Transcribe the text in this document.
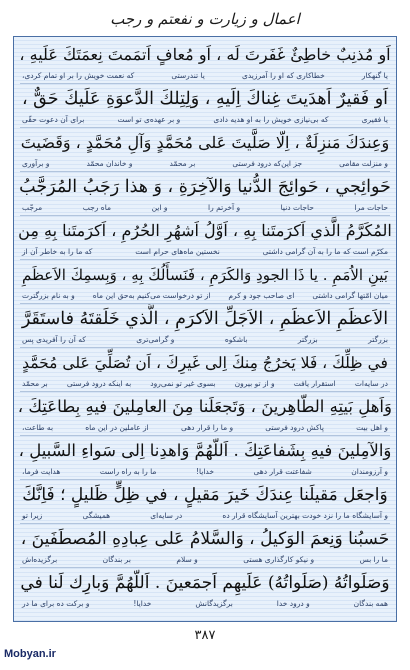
اعمال و زیارت و نفعتم و رجب
اَو مُذنِبٌ خاطِئٌ غَفَرتَ لَه ، اَو مُعافٍ اَتمَمتَ نِعمَتَكَ عَلَيهِ ،
یا گنهکار
خطاکاری که او را آمرزیدی
یا تندرستی
که نعمت خویش را بر او تمام کردی،
اَو فَقيرٌ اَهدَيتَ غِناكَ اِلَيهِ ، وَلِتِلكَ الدَّعوَةِ عَلَيكَ حَقٌّ ،
یا فقیری
که بی‌نیازی خویش را به او هدیه دادی
و بر عهده‌ی تو است
برای آن دعوت حقّی
وَعِندَكَ مَنزِلَةٌ ، اِلّا صَلَّيتَ عَلى مُحَمَّدٍ وَآلِ مُحَمَّدٍ ، وَقَضَيتَ
و منزلت مقامی
جز این‌که درود فرستی
بر محمّد
و خاندان محمّد
و برآوری
حَوائِجي ، حَوائِجَ الدُّنيا وَالآخِرَةِ ، وَ هذا رَجَبُ المُرَجَّبُ
حاجات مرا
حاجات دنیا
و آخرتم را
و این
ماه رجب
مرجّب
المُكَرَّمُ الَّذي اَكرَمتَنا بِهِ ، اَوَّلُ اَشهُرِ الحُرُمِ ، اَكرَمتَنا بِهِ مِن
مکرّم است که ما را به آن گرامی داشتی
نخستین ماه‌های حرام است
که ما را به خاطر آن از
بَينِ الاُمَمِ . يا ذَا الجودِ وَالكَرَمِ ، فَنَسأَلُكَ بِهِ ، وَبِسمِكَ الاَعظَمِ
میان امّتها گرامی داشتی
ای صاحب جود و کرم
از تو درخواست می‌کنیم به‌حق این ماه
و به نام بزرگترت
الاَعظَمِ الاَعظَمِ ، الاَجَلِّ الاَكرَمِ ، الَّذي خَلَقتَهُ فاستَقَرَّ
بزرگتر
بزرگتر
باشکوه
و گرامی‌تری
که آن را آفریدی پس
في ظِلِّكَ ، فَلا يَخرُجُ مِنكَ اِلى غَيرِكَ ، اَن تُصَلِّيَ عَلى مُحَمَّدٍ
در سایه‌ات
استقرار یافت
و از تو بیرون
بسوی غیر تو نمی‌رود
به اینکه درود فرستی
بر محمّد
وَاَهلِ بَيتِهِ الطّاهِرينَ ، وَتَجعَلَنا مِنَ العامِلينَ فيهِ بِطاعَتِكَ ،
و اهل بیت
پاکش درود فرستی
و ما را قرار دهی
از عاملین در این ماه
به طاعت،
وَالآمِلينَ فيهِ بِشَفاعَتِكَ . اَللّهُمَّ وَاهدِنا اِلى سَواءِ السَّبيلِ ،
و آرزومندان
شفاعتت قرار دهی
خدایا!
ما را به راه راست
هدایت فرما،
وَاجعَل مَقيلَنا عِندَكَ خَيرَ مَقيلٍ ، في ظِلٍّ ظَليلٍ ؛ فَاِنَّكَ
و آسایشگاه ما را نزد خودت بهترین آسایشگاه قرار ده
در سایه‌ای
همیشگی
زیرا تو
حَسبُنا وَنِعمَ الوَكيلُ ، وَالسَّلامُ عَلى عِبادِهِ المُصطَفَينَ ،
ما را بس
و نیکو کارگذاری هستی
و سلام
بر بندگان
برگزیده‌اش
وَصَلَواتُهُ (صَلَواتُهُ) عَلَيهِم اَجمَعينَ . اَللّهُمَّ وَبارِك لَنا في
همه بندگان
و درود خدا
برگزیدگانش
خدایا!
و برکت ده برای ما در
۳۸۷
Mobyan.ir
